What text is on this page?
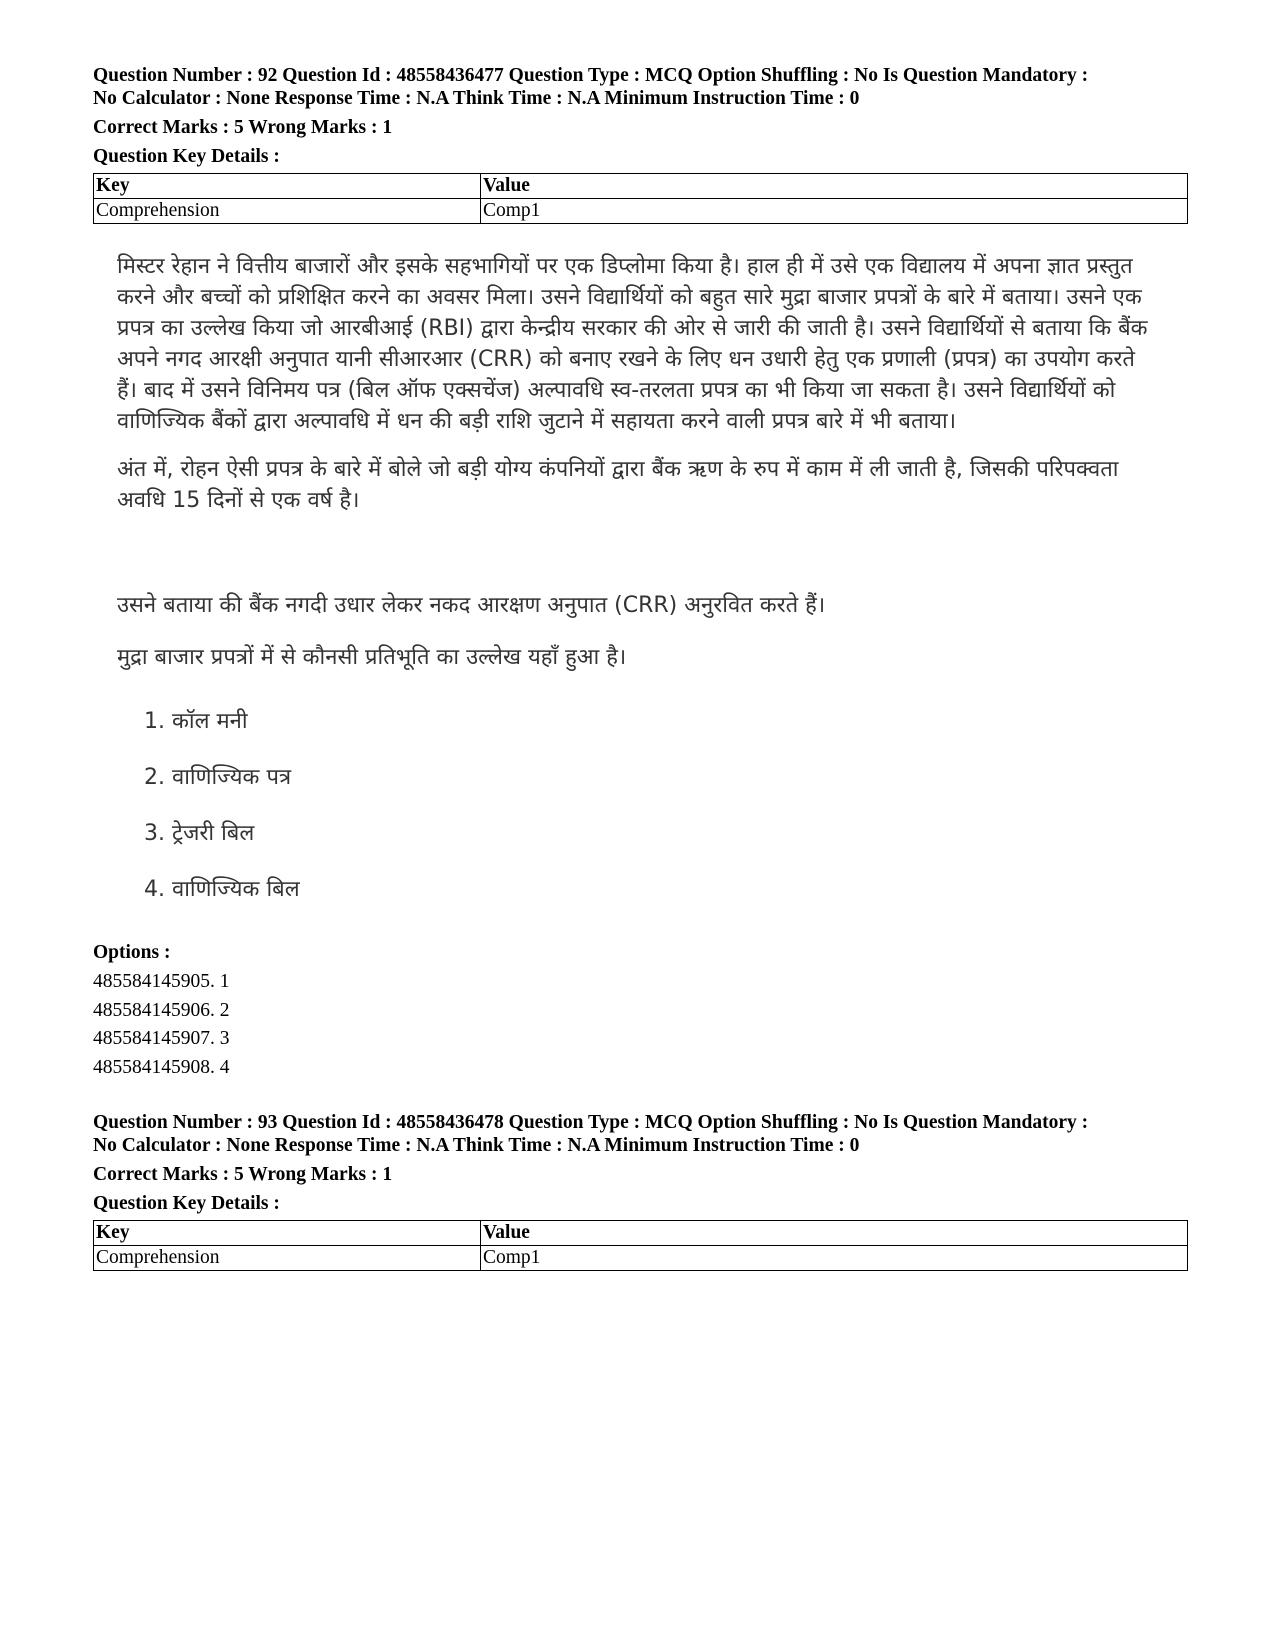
Question Number : 92 Question Id : 48558436477 Question Type : MCQ Option Shuffling : No Is Question Mandatory :

No Calculator : None Response Time : N.A Think Time : N.A Minimum Instruction Time : 0

Correct Marks : 5 Wrong Marks : 1

Question Key Details :

Key	Value
Comprehension	Comp1

मिस्टर रेहान ने वित्तीय बाजारों और इसके सहभागियों पर एक डिप्लोमा किया है। हाल ही में उसे एक विद्यालय में अपना ज्ञात प्रस्तुत करने और बच्चों को प्रशिक्षित करने का अवसर मिला। उसने विद्यार्थियों को बहुत सारे मुद्रा बाजार प्रपत्रों के बारे में बताया। उसने एक प्रपत्र का उल्लेख किया जो आरबीआई (RBI) द्वारा केन्द्रीय सरकार की ओर से जारी की जाती है। उसने विद्यार्थियों से बताया कि बैंक अपने नगद आरक्षी अनुपात यानी सीआरआर (CRR) को बनाए रखने के लिए धन उधारी हेतु एक प्रणाली (प्रपत्र) का उपयोग करते हैं। बाद में उसने विनिमय पत्र (बिल ऑफ एक्सचेंज) अल्पावधि स्व-तरलता प्रपत्र का भी किया जा सकता है। उसने विद्यार्थियों को वाणिज्यिक बैंकों द्वारा अल्पावधि में धन की बड़ी राशि जुटाने में सहायता करने वाली प्रपत्र बारे में भी बताया।

अंत में, रोहन ऐसी प्रपत्र के बारे में बोले जो बड़ी योग्य कंपनियों द्वारा बैंक ऋण के रुप में काम में ली जाती है, जिसकी परिपक्वता अवधि 15 दिनों से एक वर्ष है।

उसने बताया की बैंक नगदी उधार लेकर नकद आरक्षण अनुपात (CRR) अनुरवित करते हैं।

मुद्रा बाजार प्रपत्रों में से कौनसी प्रतिभूति का उल्लेख यहाँ हुआ है।

1. कॉल मनी
2. वाणिज्यिक पत्र
3. ट्रेजरी बिल
4. वाणिज्यिक बिल

Options :

485584145905. 1

485584145906. 2

485584145907. 3

485584145908. 4

Question Number : 93 Question Id : 48558436478 Question Type : MCQ Option Shuffling : No Is Question Mandatory :

No Calculator : None Response Time : N.A Think Time : N.A Minimum Instruction Time : 0

Correct Marks : 5 Wrong Marks : 1

Question Key Details :

Key	Value
Comprehension	Comp1
